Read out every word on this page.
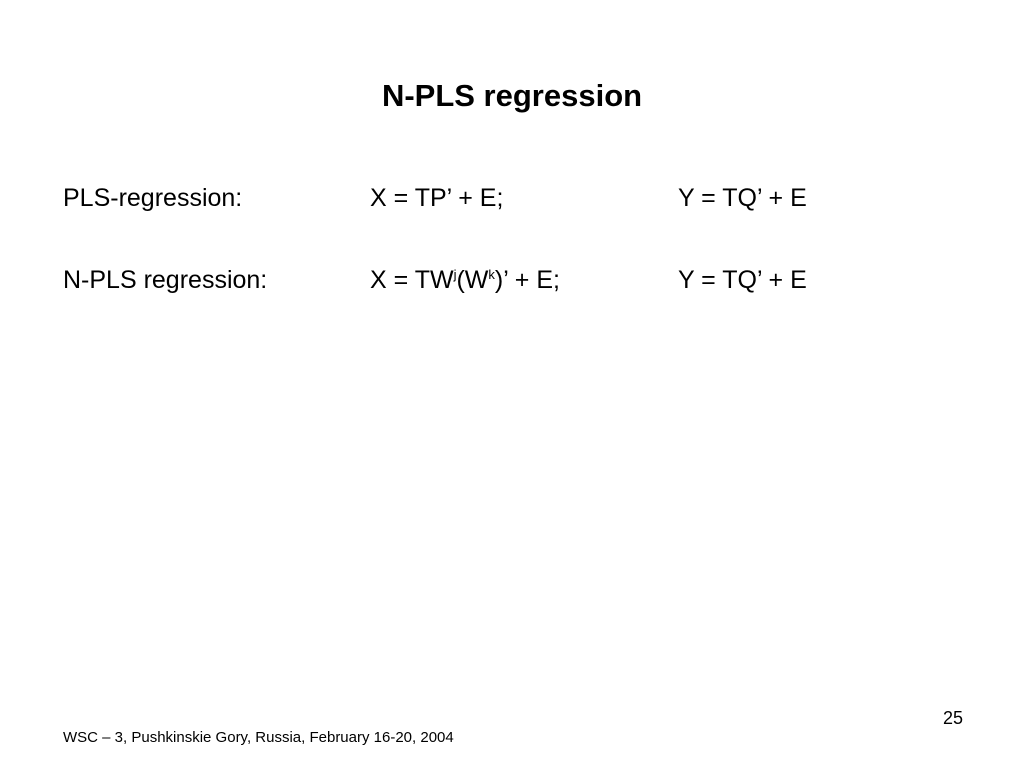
N-PLS regression
PLS-regression:	X = TP’ + E;	Y = TQ’ + E
N-PLS regression:	$X = TW^j(W^k)$’ + E;	Y = TQ’ + E
25
WSC – 3, Pushkinskie Gory, Russia, February 16-20, 2004
